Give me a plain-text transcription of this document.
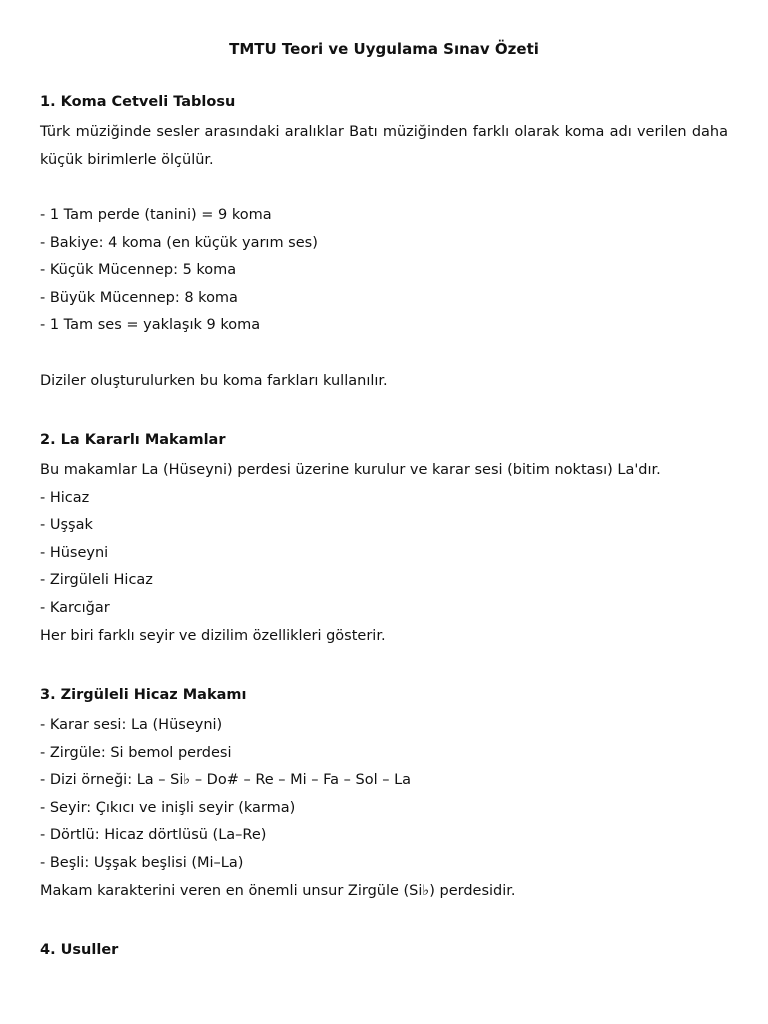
TMTU Teori ve Uygulama Sınav Özeti
1. Koma Cetveli Tablosu

Türk müziğinde sesler arasındaki aralıklar Batı müziğinden farklı olarak koma adı verilen daha küçük birimlerle ölçülür.

- 1 Tam perde (tanini) = 9 koma
- Bakiye: 4 koma (en küçük yarım ses)
- Küçük Mücennep: 5 koma
- Büyük Mücennep: 8 koma
- 1 Tam ses = yaklaşık 9 koma
Diziler oluşturulurken bu koma farkları kullanılır.
2. La Kararlı Makamlar
Bu makamlar La (Hüseyni) perdesi üzerine kurulur ve karar sesi (bitim noktası) La'dır.
- Hicaz
- Uşşak
- Hüseyni
- Zirgüleli Hicaz
- Karcığar
Her biri farklı seyir ve dizilim özellikleri gösterir.
3. Zirgüleli Hicaz Makamı
- Karar sesi: La (Hüseyni)
- Zirgüle: Si bemol perdesi
- Dizi örneği: La – Si♭ – Do# – Re – Mi – Fa – Sol – La
- Seyir: Çıkıcı ve inişli seyir (karma)
- Dörtlü: Hicaz dörtlüsü (La–Re)
- Beşli: Uşşak beşlisi (Mi–La)
Makam karakterini veren en önemli unsur Zirgüle (Si♭) perdesidir.
4. Usuller
